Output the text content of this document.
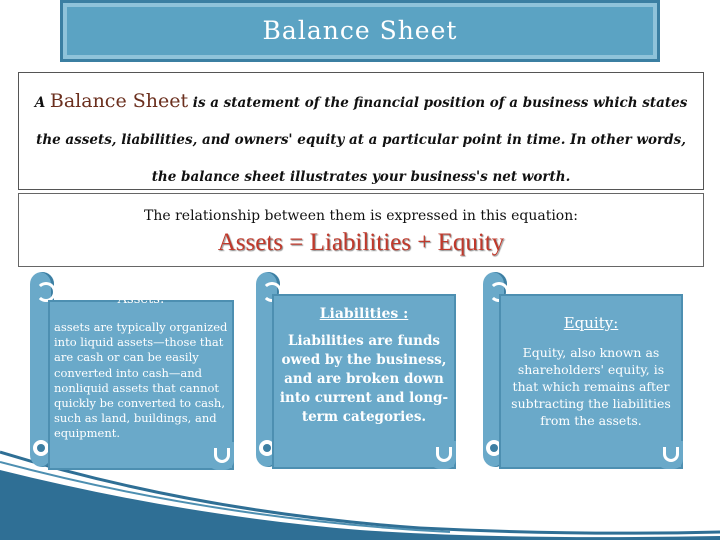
Balance Sheet
A Balance Sheet is a statement of the financial position of a business which states the assets, liabilities, and owners' equity at a particular point in time. In other words, the balance sheet illustrates your business's net worth.
The relationship between them is expressed in this equation:
Assets = Liabilities + Equity
Assets:
assets are typically organized into liquid assets—those that are cash or can be easily converted into cash—and nonliquid assets that cannot quickly be converted to cash, such as land, buildings, and equipment.
Liabilities :
Liabilities are funds owed by the business, and are broken down into current and long-term categories.
Equity:
Equity, also known as shareholders' equity, is that which remains after subtracting the liabilities from the assets.
